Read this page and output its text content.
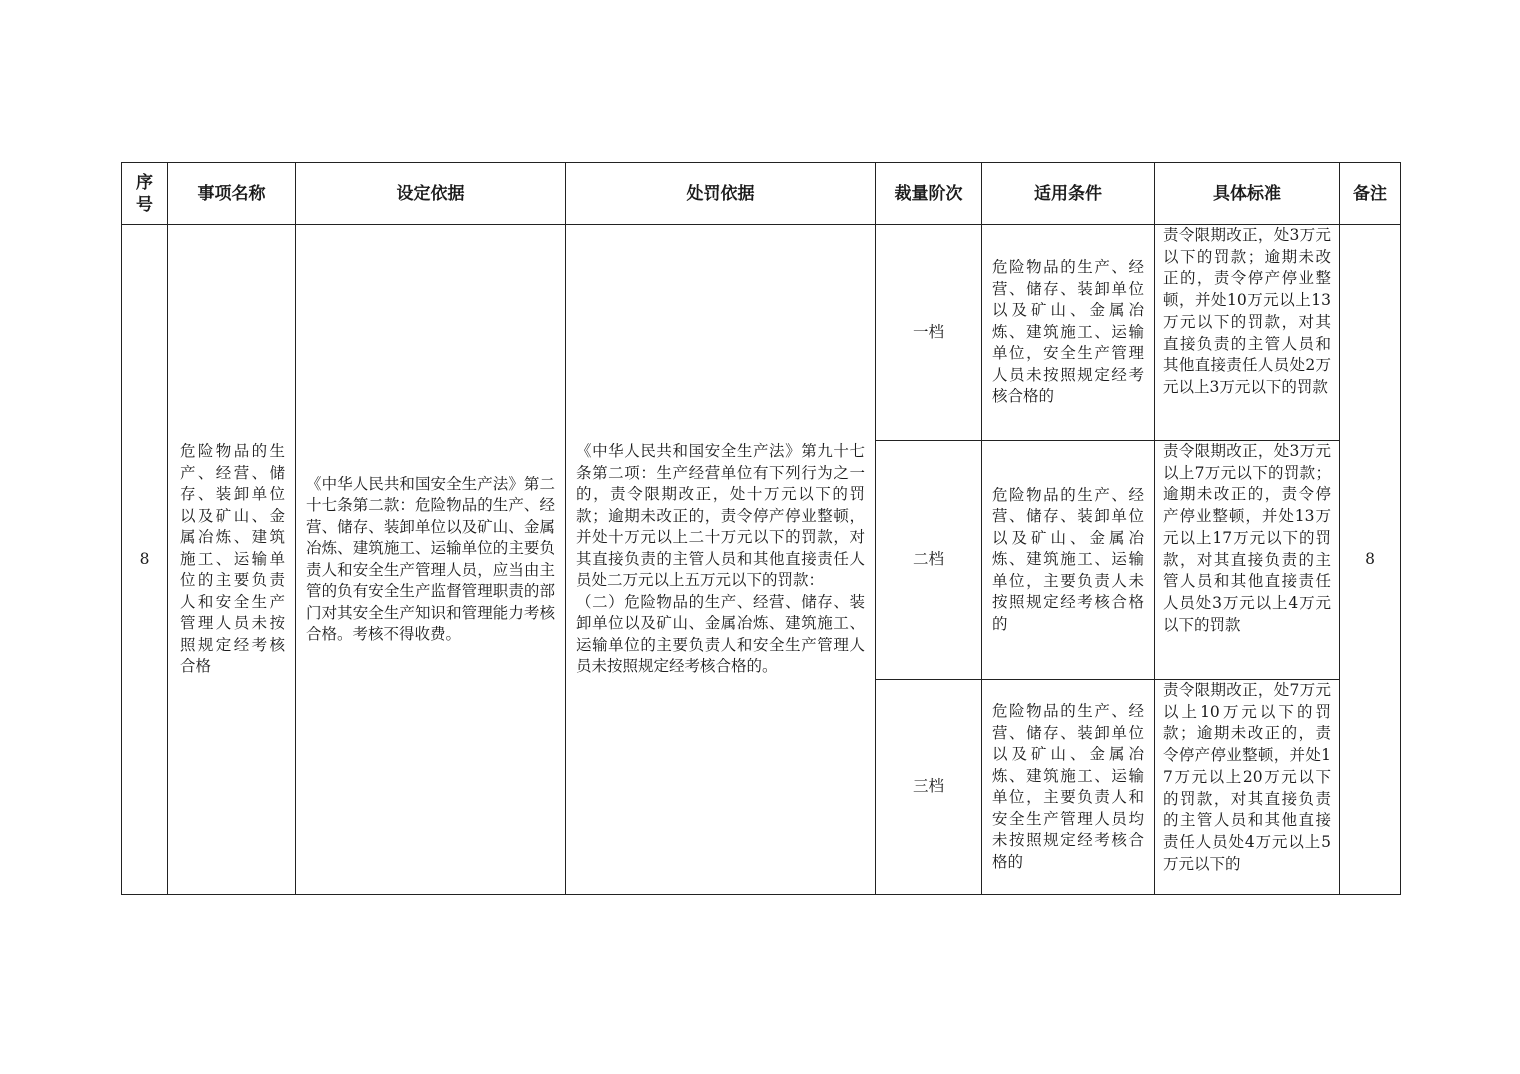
序号	事项名称	设定依据	处罚依据	裁量阶次	适用条件	具体标准	备注
8	危险物品的生产、经营、储存、装卸单位以及矿山、金属冶炼、建筑施工、运输单位的主要负责人和安全生产管理人员未按照规定经考核合格	《中华人民共和国安全生产法》第二十七条第二款：危险物品的生产、经营、储存、装卸单位以及矿山、金属冶炼、建筑施工、运输单位的主要负责人和安全生产管理人员，应当由主管的负有安全生产监督管理职责的部门对其安全生产知识和管理能力考核合格。考核不得收费。	《中华人民共和国安全生产法》第九十七条第二项：生产经营单位有下列行为之一的，责令限期改正，处十万元以下的罚款；逾期未改正的，责令停产停业整顿，并处十万元以上二十万元以下的罚款，对其直接负责的主管人员和其他直接责任人员处二万元以上五万元以下的罚款：
（二）危险物品的生产、经营、储存、装卸单位以及矿山、金属冶炼、建筑施工、运输单位的主要负责人和安全生产管理人员未按照规定经考核合格的。	一档	危险物品的生产、经营、储存、装卸单位以及矿山、金属冶炼、建筑施工、运输单位，安全生产管理人员未按照规定经考核合格的	责令限期改正，处3万元以下的罚款；逾期未改正的，责令停产停业整顿，并处10万元以上13万元以下的罚款，对其直接负责的主管人员和其他直接责任人员处2万元以上3万元以下的罚款	8
				二档	危险物品的生产、经营、储存、装卸单位以及矿山、金属冶炼、建筑施工、运输单位，主要负责人未按照规定经考核合格的	责令限期改正，处3万元以上7万元以下的罚款；逾期未改正的，责令停产停业整顿，并处13万元以上17万元以下的罚款，对其直接负责的主管人员和其他直接责任人员处3万元以上4万元以下的罚款	

				三档	危险物品的生产、经营、储存、装卸单位以及矿山、金属冶炼、建筑施工、运输单位，主要负责人和安全生产管理人员均未按照规定经考核合格的	责令限期改正，处7万元以上10万元以下的罚款；逾期未改正的，责令停产停业整顿，并处17万元以上20万元以下的罚款，对其直接负责的主管人员和其他直接责任人员处4万元以上5万元以下的	
